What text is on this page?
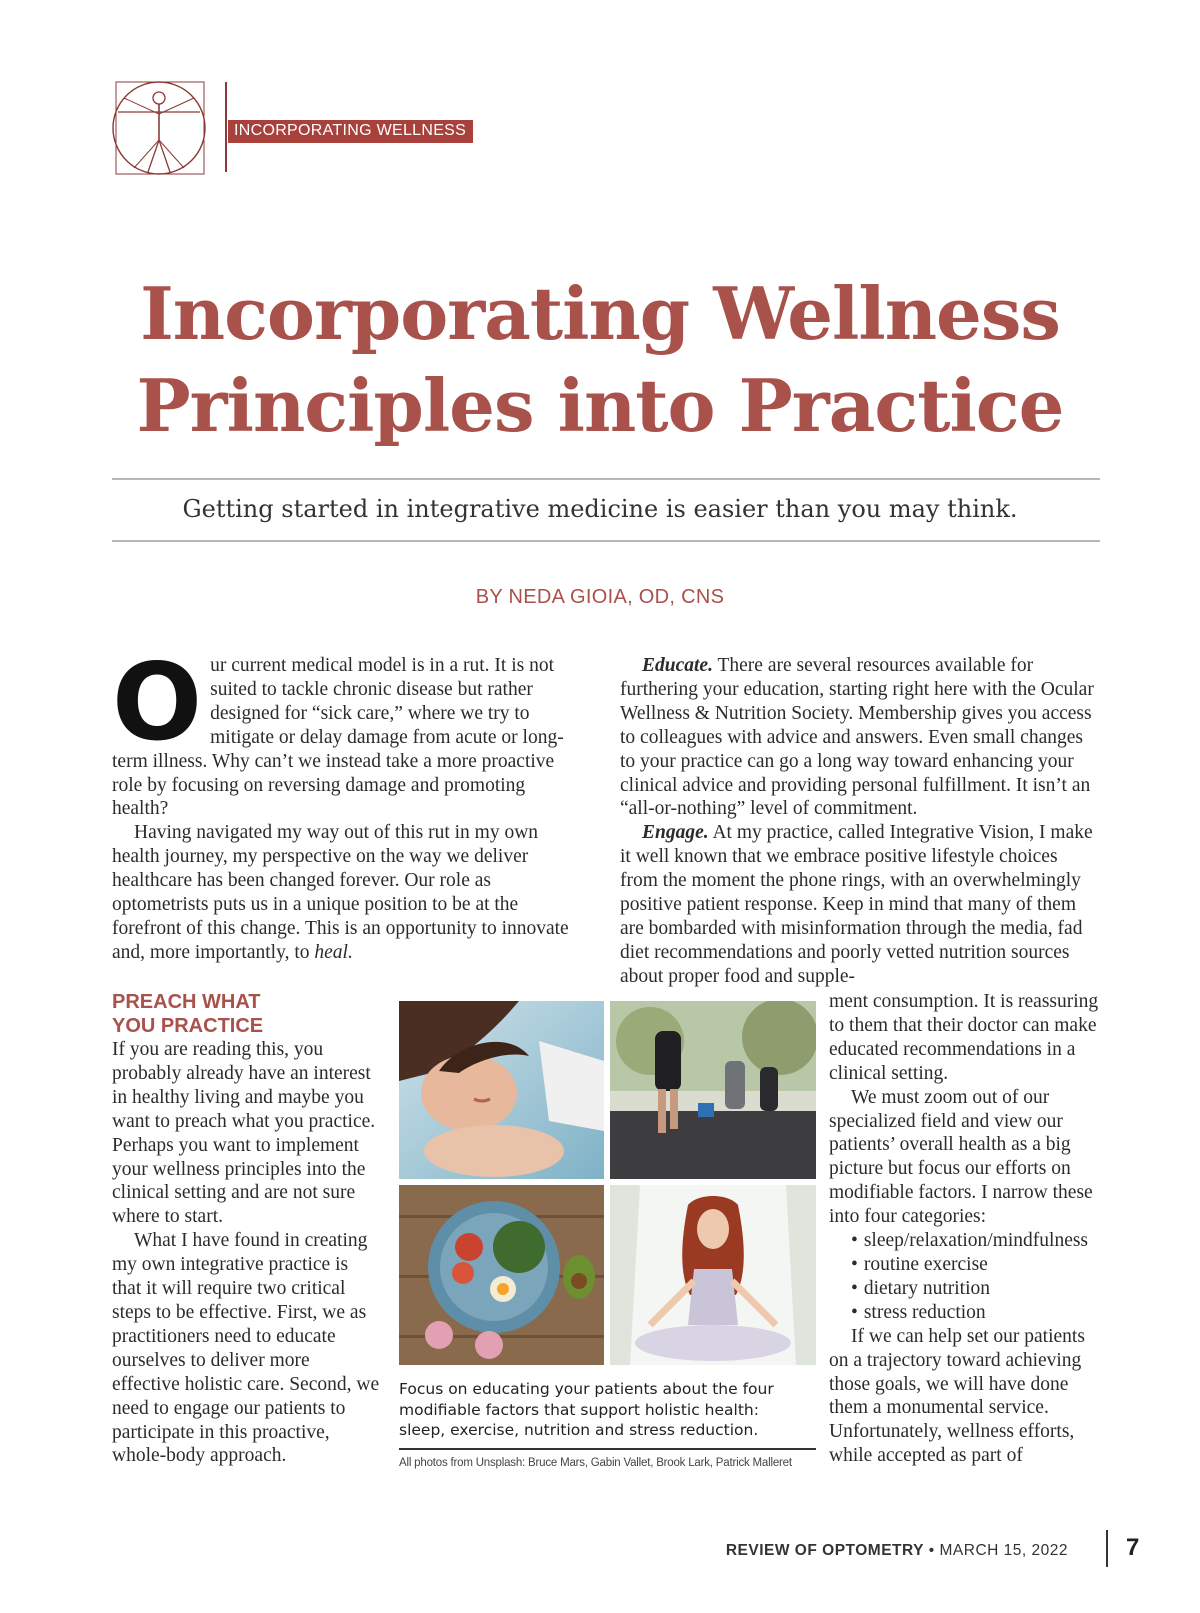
INCORPORATING WELLNESS
Incorporating Wellness
Principles into Practice
Getting started in integrative medicine is easier than you may think.
BY NEDA GIOIA, OD, CNS

Our current medical model is in a rut. It is not suited to tackle chronic disease but rather designed for “sick care,” where we try to mitigate or delay damage from acute or long-term illness. Why can’t we instead take a more proactive role by focusing on reversing damage and promoting health?

Having navigated my way out of this rut in my own health journey, my perspective on the way we deliver healthcare has been changed forever. Our role as optometrists puts us in a unique position to be at the forefront of this change. This is an opportunity to innovate and, more importantly, to heal.

PREACH WHAT
YOU PRACTICE

If you are reading this, you probably already have an interest in healthy living and maybe you want to preach what you practice. Perhaps you want to implement your wellness principles into the clinical setting and are not sure where to start.

What I have found in creating my own integrative practice is that it will require two critical steps to be effective. First, we as practitioners need to educate ourselves to deliver more effective holistic care. Second, we need to engage our patients to participate in this proactive, whole-body approach.

Educate. There are several resources available for furthering your education, starting right here with the Ocular Wellness & Nutrition Society. Membership gives you access to colleagues with advice and answers. Even small changes to your practice can go a long way toward enhancing your clinical advice and providing personal fulfillment. It isn’t an “all-or-nothing” level of commitment.

Engage. At my practice, called Integrative Vision, I make it well known that we embrace positive lifestyle choices from the moment the phone rings, with an overwhelmingly positive patient response. Keep in mind that many of them are bombarded with misinformation through the media, fad diet recommendations and poorly vetted nutrition sources about proper food and supple-

ment consumption. It is reassuring to them that their doctor can make educated recommendations in a clinical setting.

We must zoom out of our specialized field and view our patients’ overall health as a big picture but focus our efforts on modifiable factors. I narrow these into four categories:

• sleep/relaxation/mindfulness
• routine exercise
• dietary nutrition
• stress reduction

If we can help set our patients on a trajectory toward achieving those goals, we will have done them a monumental service. Unfortunately, wellness efforts, while accepted as part of

Focus on educating your patients about the four modifiable factors that support holistic health: sleep, exercise, nutrition and stress reduction.
All photos from Unsplash: Bruce Mars, Gabin Vallet, Brook Lark, Patrick Malleret
REVIEW OF OPTOMETRY • MARCH 15, 2022 7
